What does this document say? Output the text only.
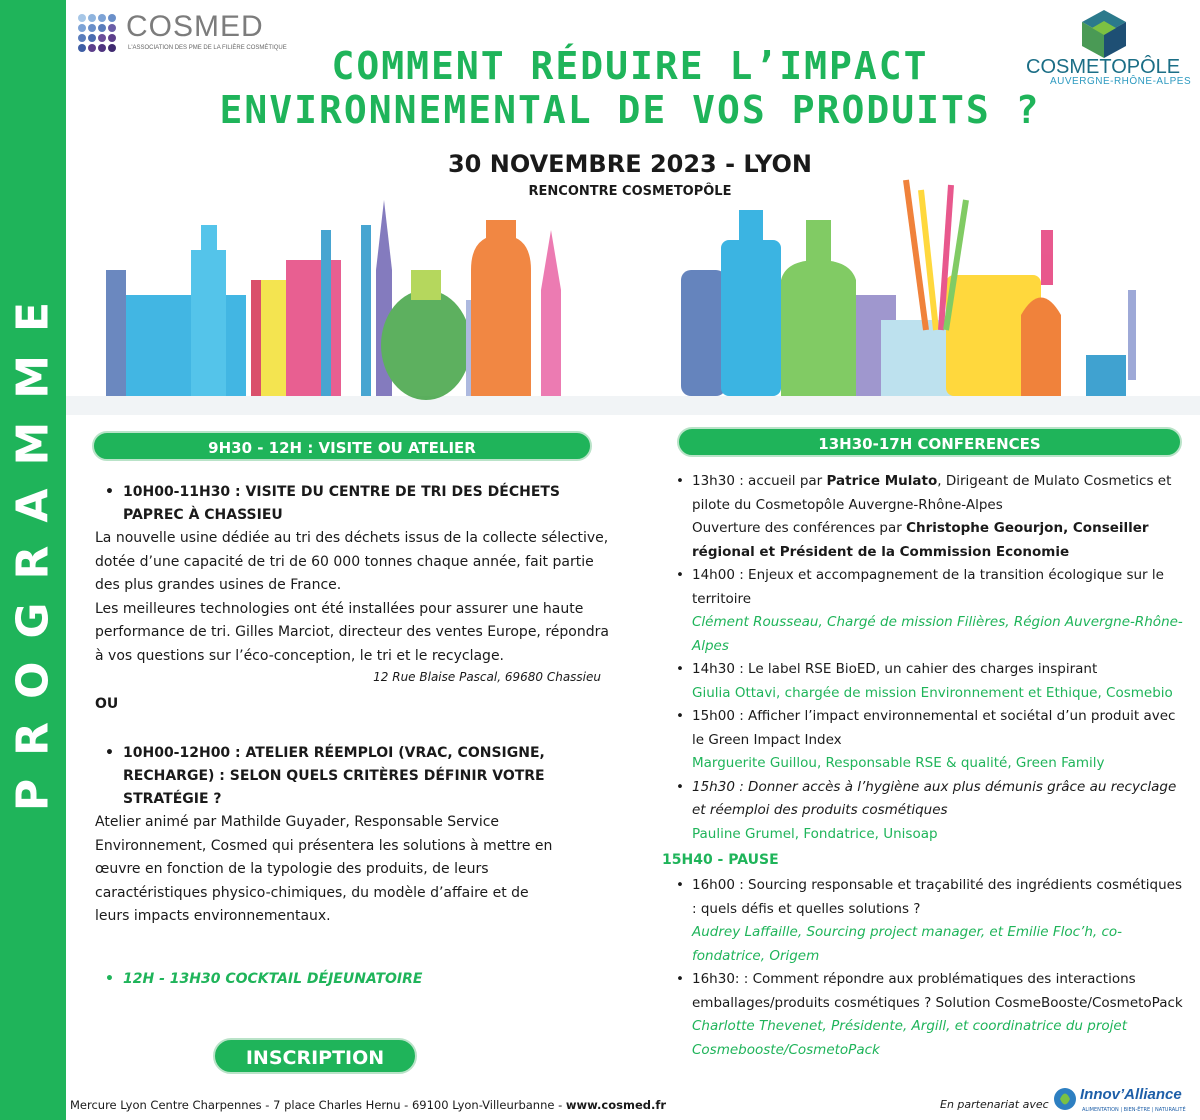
PROGRAMME
COSMED
L'ASSOCIATION DES PME DE LA FILIÈRE COSMÉTIQUE
COSMETOPÔLE
AUVERGNE-RHÔNE-ALPES
COMMENT RÉDUIRE L’IMPACT
ENVIRONNEMENTAL DE VOS PRODUITS ?
30 NOVEMBRE 2023 - LYON
RENCONTRE COSMETOPÔLE
9H30 - 12H : VISITE OU ATELIER
• 10H00-11H30 : VISITE DU CENTRE DE TRI DES DÉCHETS PAPREC À CHASSIEU
La nouvelle usine dédiée au tri des déchets issus de la collecte sélective, dotée d’une capacité de tri de 60 000 tonnes chaque année, fait partie des plus grandes usines de France.
Les meilleures technologies ont été installées pour assurer une haute performance de tri. Gilles Marciot, directeur des ventes Europe, répondra à vos questions sur l’éco-conception, le tri et le recyclage.
12 Rue Blaise Pascal, 69680 Chassieu
OU
• 10H00-12H00 : ATELIER RÉEMPLOI (VRAC, CONSIGNE, RECHARGE) : SELON QUELS CRITÈRES DÉFINIR VOTRE STRATÉGIE ?
Atelier animé par Mathilde Guyader, Responsable Service Environnement, Cosmed qui présentera les solutions à mettre en œuvre en fonction de la typologie des produits, de leurs caractéristiques physico-chimiques, du modèle d’affaire et de leurs impacts environnementaux.
• 12H - 13H30 COCKTAIL DÉJEUNATOIRE
INSCRIPTION
13H30-17H CONFERENCES
• 13h30 : accueil par Patrice Mulato, Dirigeant de Mulato Cosmetics et pilote du Cosmetopôle Auvergne-Rhône-Alpes
Ouverture des conférences par Christophe Geourjon, Conseiller régional et Président de la Commission Economie
• 14h00 : Enjeux et accompagnement de la transition écologique sur le territoire
Clément Rousseau, Chargé de mission Filières, Région Auvergne-Rhône-Alpes
• 14h30 : Le label RSE BioED, un cahier des charges inspirant
Giulia Ottavi, chargée de mission Environnement et Ethique, Cosmebio
• 15h00 : Afficher l’impact environnemental et sociétal d’un produit avec le Green Impact Index
Marguerite Guillou, Responsable RSE & qualité, Green Family
• 15h30 : Donner accès à l’hygiène aux plus démunis grâce au recyclage et réemploi des produits cosmétiques
Pauline Grumel, Fondatrice, Unisoap
15H40 - PAUSE
• 16h00 : Sourcing responsable et traçabilité des ingrédients cosmétiques : quels défis et quelles solutions ?
Audrey Laffaille, Sourcing project manager, et Emilie Floc’h, co-fondatrice, Origem
• 16h30: : Comment répondre aux problématiques des interactions emballages/produits cosmétiques ? Solution CosmeBooste/CosmetoPack
Charlotte Thevenet, Présidente, Argill, et coordinatrice du projet Cosmebooste/CosmetoPack
Mercure Lyon Centre Charpennes - 7 place Charles Hernu - 69100 Lyon-Villeurbanne - www.cosmed.fr	En partenariat avec
Innov’Alliance
ALIMENTATION | BIEN-ÊTRE | NATURALITÉ
